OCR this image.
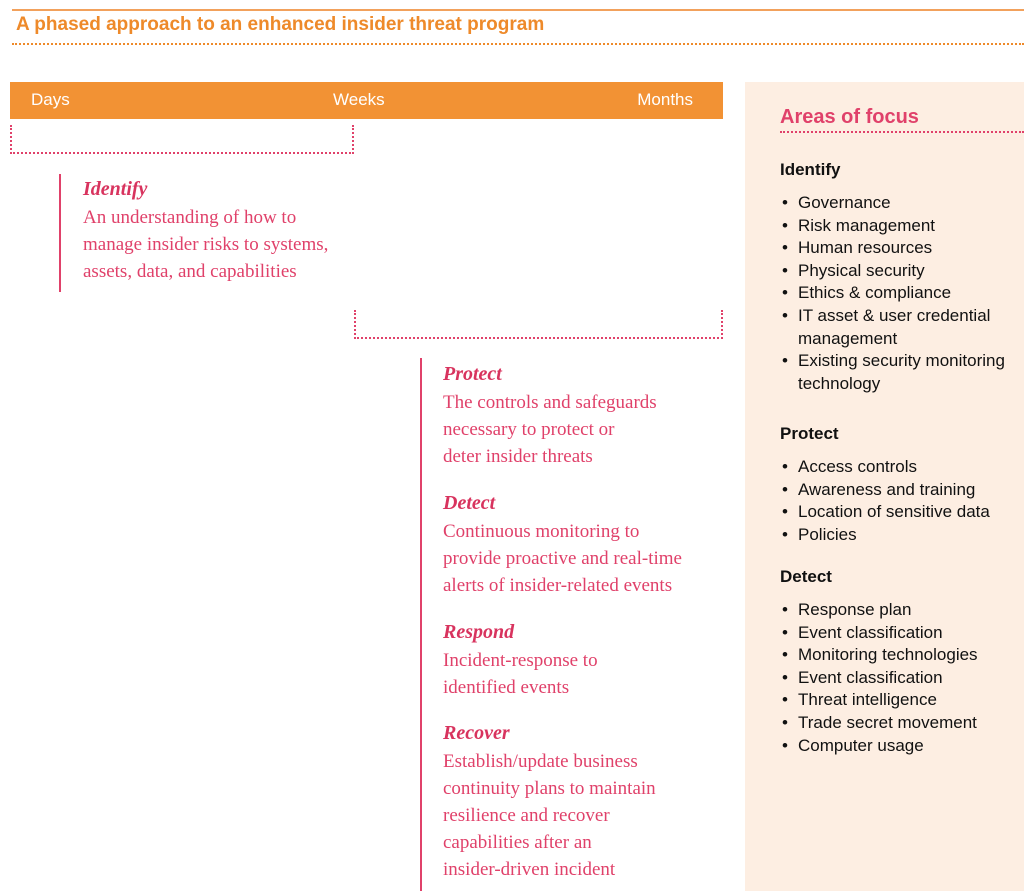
A phased approach to an enhanced insider threat program
Days	Weeks	Months
Identify
An understanding of how to
manage insider risks to systems,
assets, data, and capabilities
Protect
The controls and safeguards
necessary to protect or
deter insider threats
Detect
Continuous monitoring to
provide proactive and real-time
alerts of insider-related events
Respond
Incident-response to
identified events
Recover
Establish/update business
continuity plans to maintain
resilience and recover
capabilities after an
insider-driven incident
Areas of focus
Identify
• Governance
• Risk management
• Human resources
• Physical security
• Ethics & compliance
• IT asset & user credential management
• Existing security monitoring technology
Protect
• Access controls
• Awareness and training
• Location of sensitive data
• Policies
Detect
• Response plan
• Event classification
• Monitoring technologies
• Event classification
• Threat intelligence
• Trade secret movement
• Computer usage
